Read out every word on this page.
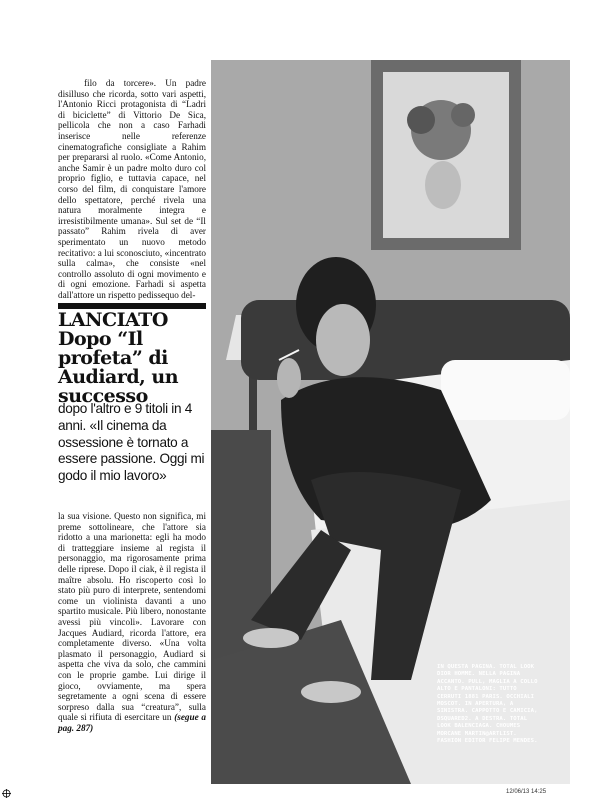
filo da torcere». Un padre disilluso che ricorda, sotto vari aspetti, l'Antonio Ricci protagonista di “Ladri di biciclette” di Vittorio De Sica, pellicola che non a caso Farhadi inserisce nelle referenze cinematografiche consigliate a Rahim per prepararsi al ruolo. «Come Antonio, anche Samir è un padre molto duro col proprio figlio, e tuttavia capace, nel corso del film, di conquistare l'amore dello spettatore, perché rivela una natura moralmente integra e irresistibilmente umana». Sul set de “Il passato” Rahim rivela di aver sperimentato un nuovo metodo recitativo: a lui sconosciuto, «incentrato sulla calma», che consiste «nel controllo assoluto di ogni movimento e di ogni emozione. Farhadi si aspetta dall'attore un rispetto pedissequo del-

LANCIATO Dopo “Il profeta” di Audiard, un successo
dopo l'altro e 9 titoli in 4 anni. «Il cinema da ossessione è tornato a essere passione. Oggi mi godo il mio lavoro»

la sua visione. Questo non significa, mi preme sottolineare, che l'attore sia ridotto a una marionetta: egli ha modo di tratteggiare insieme al regista il personaggio, ma rigorosamente prima delle riprese. Dopo il ciak, è il regista il maître absolu. Ho riscoperto così lo stato più puro di interprete, sentendomi come un violinista davanti a uno spartito musicale. Più libero, nonostante avessi più vincoli». Lavorare con Jacques Audiard, ricorda l'attore, era completamente diverso. «Una volta plasmato il personaggio, Audiard si aspetta che viva da solo, che cammini con le proprie gambe. Lui dirige il gioco, ovviamente, ma spera segretamente a ogni scena di essere sorpreso dalla sua “creatura”, sulla quale si rifiuta di esercitare un (segue a pag. 287)

IN QUESTA PAGINA. TOTAL LOOK DIOR HOMME. NELLA PAGINA ACCANTO. PULL, MAGLIA A COLLO ALTO E PANTALONI: TUTTO CERRUTI 1881 PARIS. OCCHIALI MOSCOT. IN APERTURA, A SINISTRA. CAPPOTTO E CAMICIA, DSQUARED2. A DESTRA. TOTAL LOOK BALENCIAGA. CHOUMES MORCANE MARTIN@ARTLIST. FASHION EDITOR FELIPE MENDES.
12/06/13 14:25
